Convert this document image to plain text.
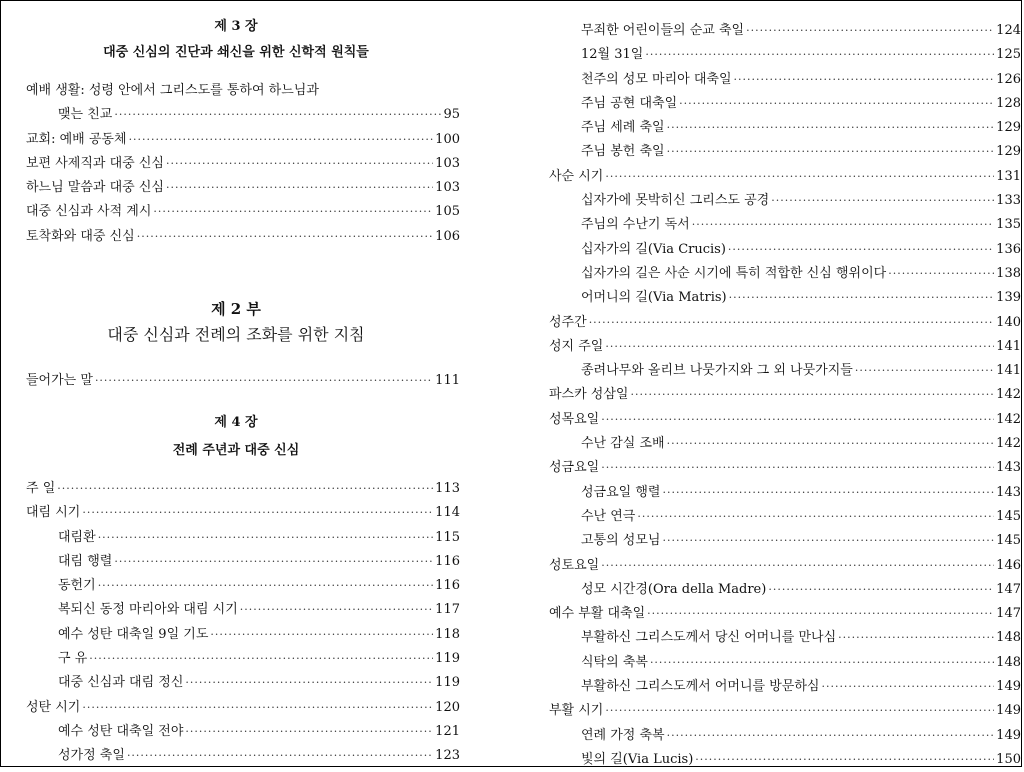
제 3 장
대중 신심의 진단과 쇄신을 위한 신학적 원칙들
예배 생활: 성령 안에서 그리스도를 통하여 하느님과
맺는 친교 ·····	95
교회: 예배 공동체 ·····	100
보편 사제직과 대중 신심 ·····	103
하느님 말씀과 대중 신심 ·····	103
대중 신심과 사적 계시 ·····	105
토착화와 대중 신심 ·····	106
제 2 부
대중 신심과 전례의 조화를 위한 지침
들어가는 말 ·····	111
제 4 장
전례 주년과 대중 신심
주 일 ·····	113
대림 시기 ·····	114
대림환 ·····	115
대림 행렬 ·····	116
동헌기 ·····	116
복되신 동정 마리아와 대림 시기 ·····	117
예수 성탄 대축일 9일 기도 ·····	118
구 유 ·····	119
대중 신심과 대림 정신 ·····	119
성탄 시기 ·····	120
예수 성탄 대축일 전야 ·····	121
성가정 축일 ·····	123
무죄한 어린이들의 순교 축일 ·····	124
12월 31일 ·····	125
천주의 성모 마리아 대축일 ·····	126
주님 공현 대축일 ·····	128
주님 세례 축일 ·····	129
주님 봉헌 축일 ·····	129
사순 시기 ·····	131
십자가에 못박히신 그리스도 공경 ·····	133
주님의 수난기 독서 ·····	135
십자가의 길(Via Crucis) ·····	136
십자가의 길은 사순 시기에 특히 적합한 신심 행위이다 ·····	138
어머니의 길(Via Matris) ·····	139
성주간 ·····	140
성지 주일 ·····	141
종려나무와 올리브 나뭇가지와 그 외 나뭇가지들 ·····	141
파스카 성삼일 ·····	142
성목요일 ·····	142
수난 감실 조배 ·····	142
성금요일 ·····	143
성금요일 행렬 ·····	143
수난 연극 ·····	145
고통의 성모님 ·····	145
성토요일 ·····	146
성모 시간경(Ora della Madre) ·····	147
예수 부활 대축일 ·····	147
부활하신 그리스도께서 당신 어머니를 만나심 ·····	148
식탁의 축복 ·····	148
부활하신 그리스도께서 어머니를 방문하심 ·····	149
부활 시기 ·····	149
연례 가정 축복 ·····	149
빛의 길(Via Lucis) ·····	150
